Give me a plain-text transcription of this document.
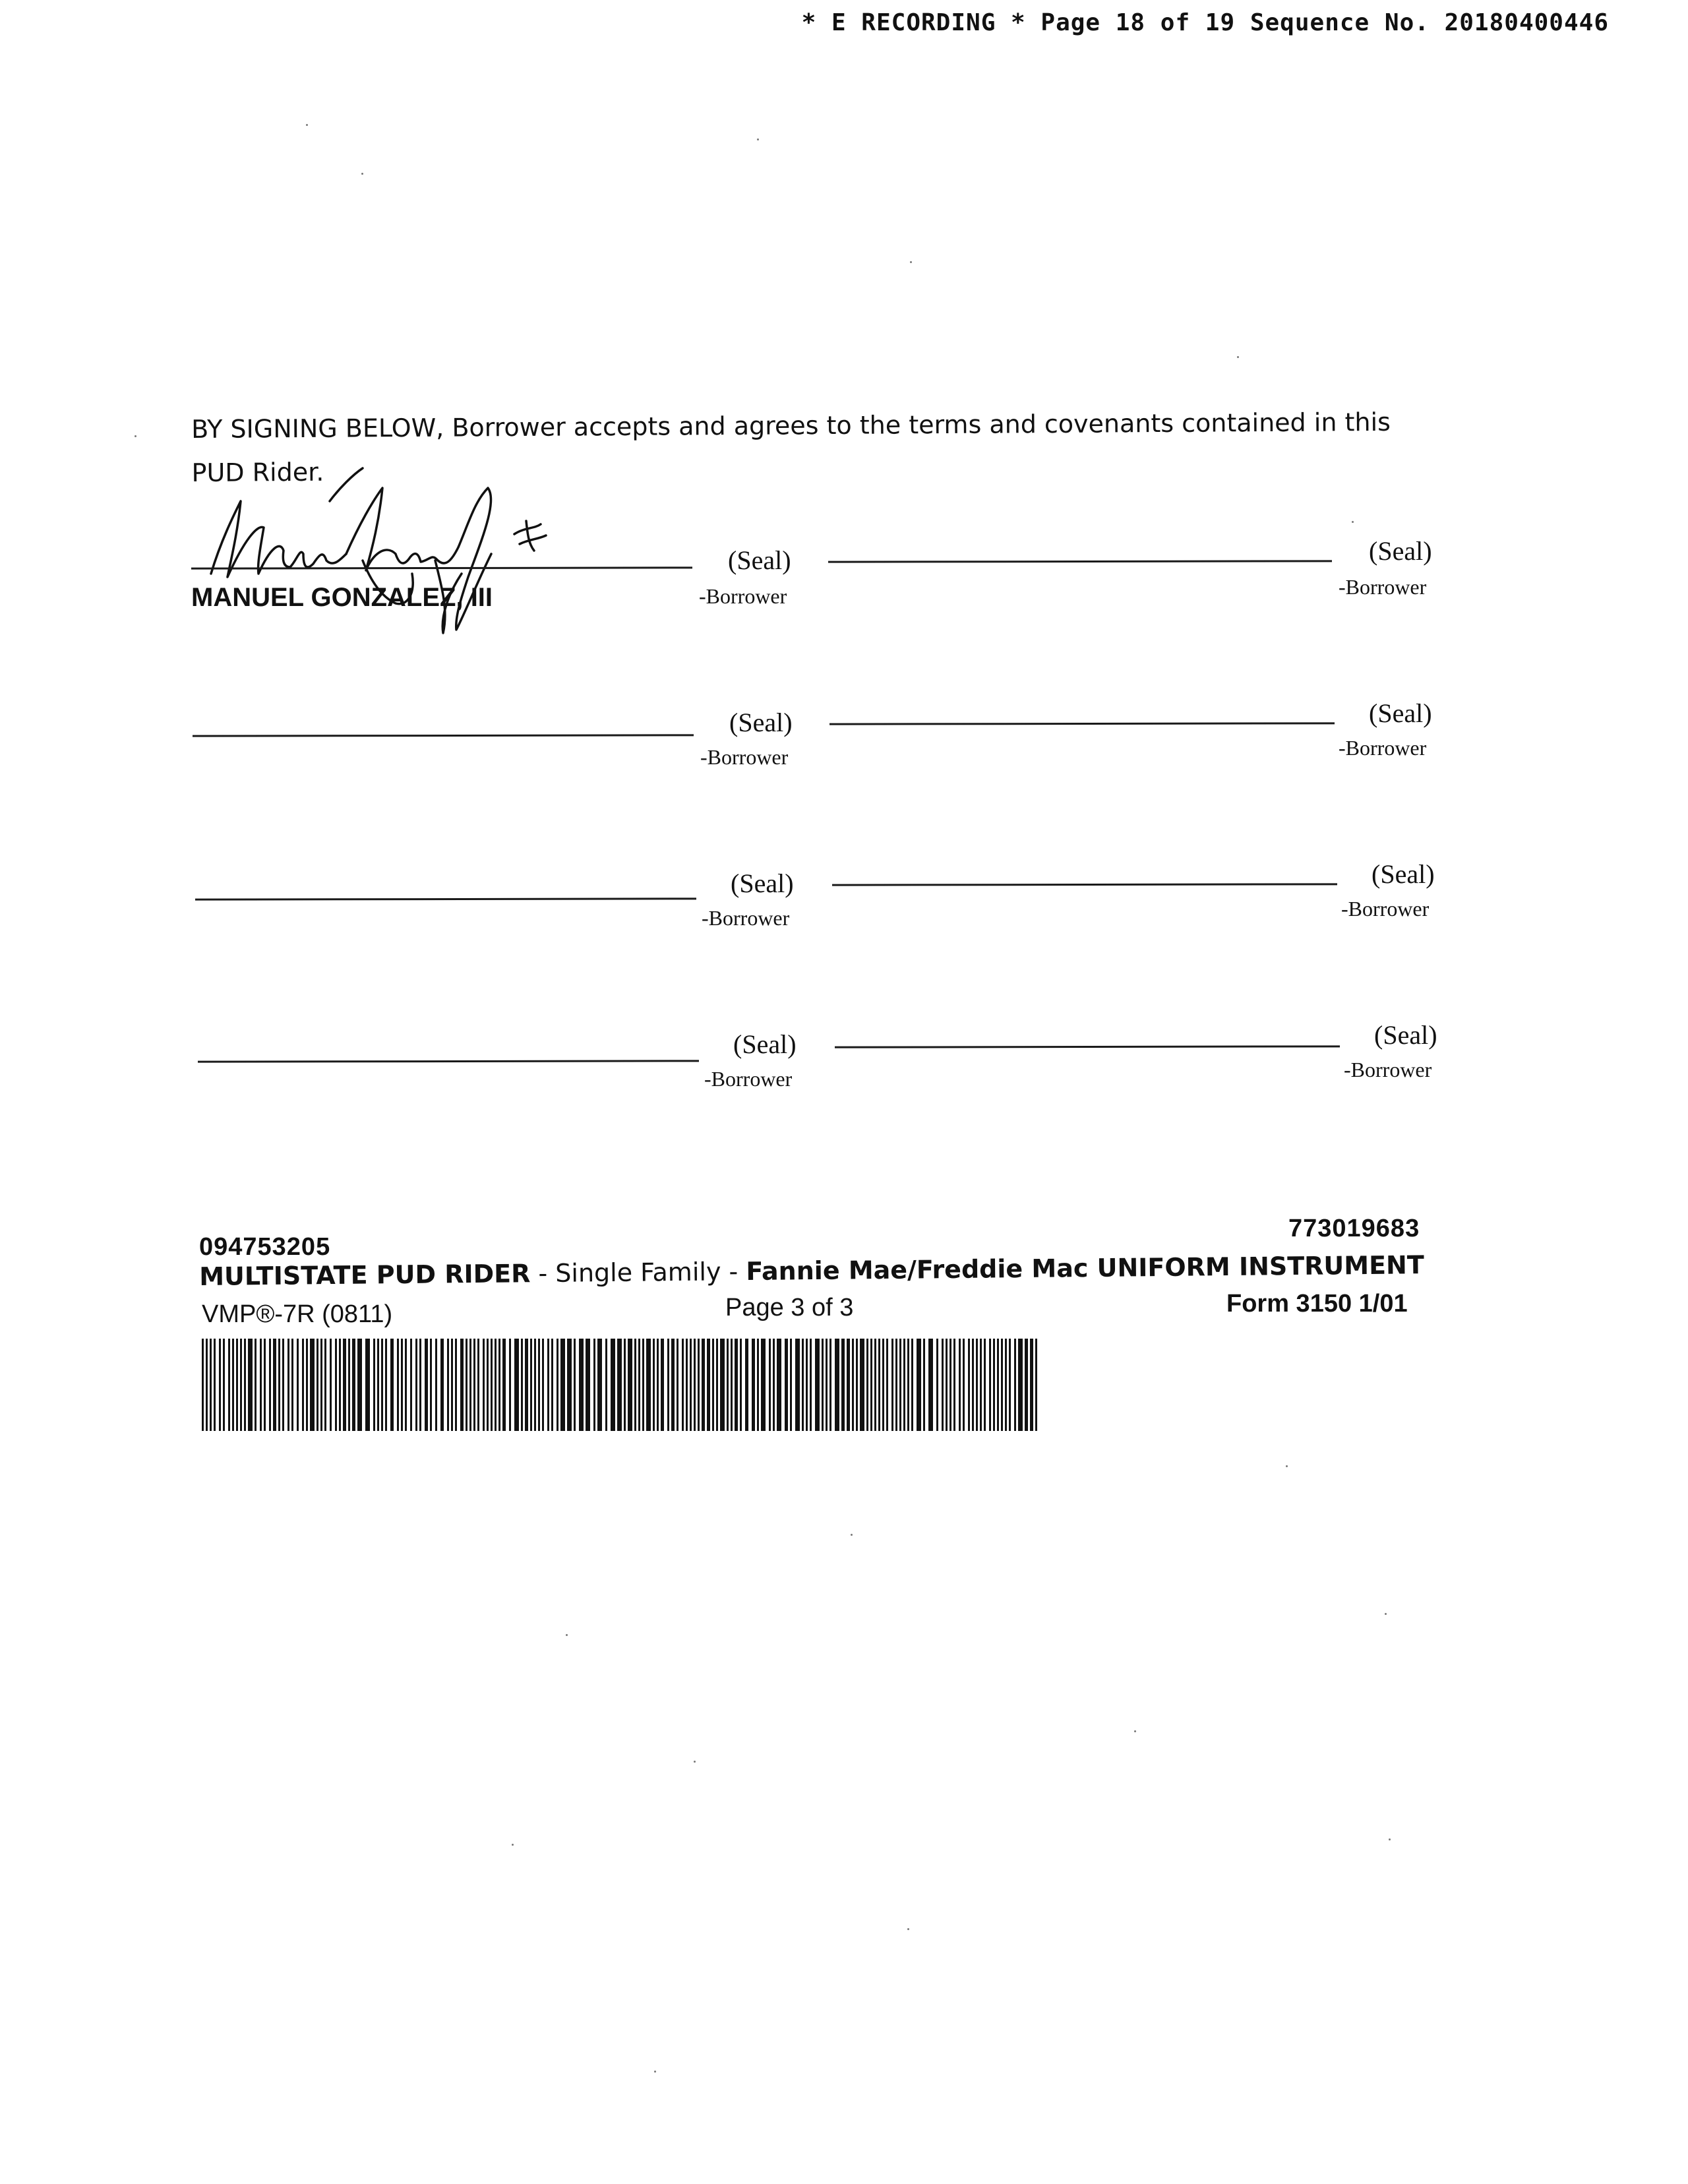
* E RECORDING * Page 18 of 19 Sequence No. 20180400446
BY SIGNING BELOW, Borrower accepts and agrees to the terms and covenants contained in this PUD Rider.
(Seal)
-Borrower
MANUEL GONZALEZ, III
(Seal)
-Borrower
(Seal)
-Borrower
(Seal)
-Borrower
(Seal)
-Borrower
(Seal)
-Borrower
(Seal)
-Borrower
(Seal)
-Borrower
094753205
773019683
MULTISTATE PUD RIDER - Single Family - Fannie Mae/Freddie Mac UNIFORM INSTRUMENT
VMP®-7R (0811)	Page 3 of 3	Form 3150 1/01
